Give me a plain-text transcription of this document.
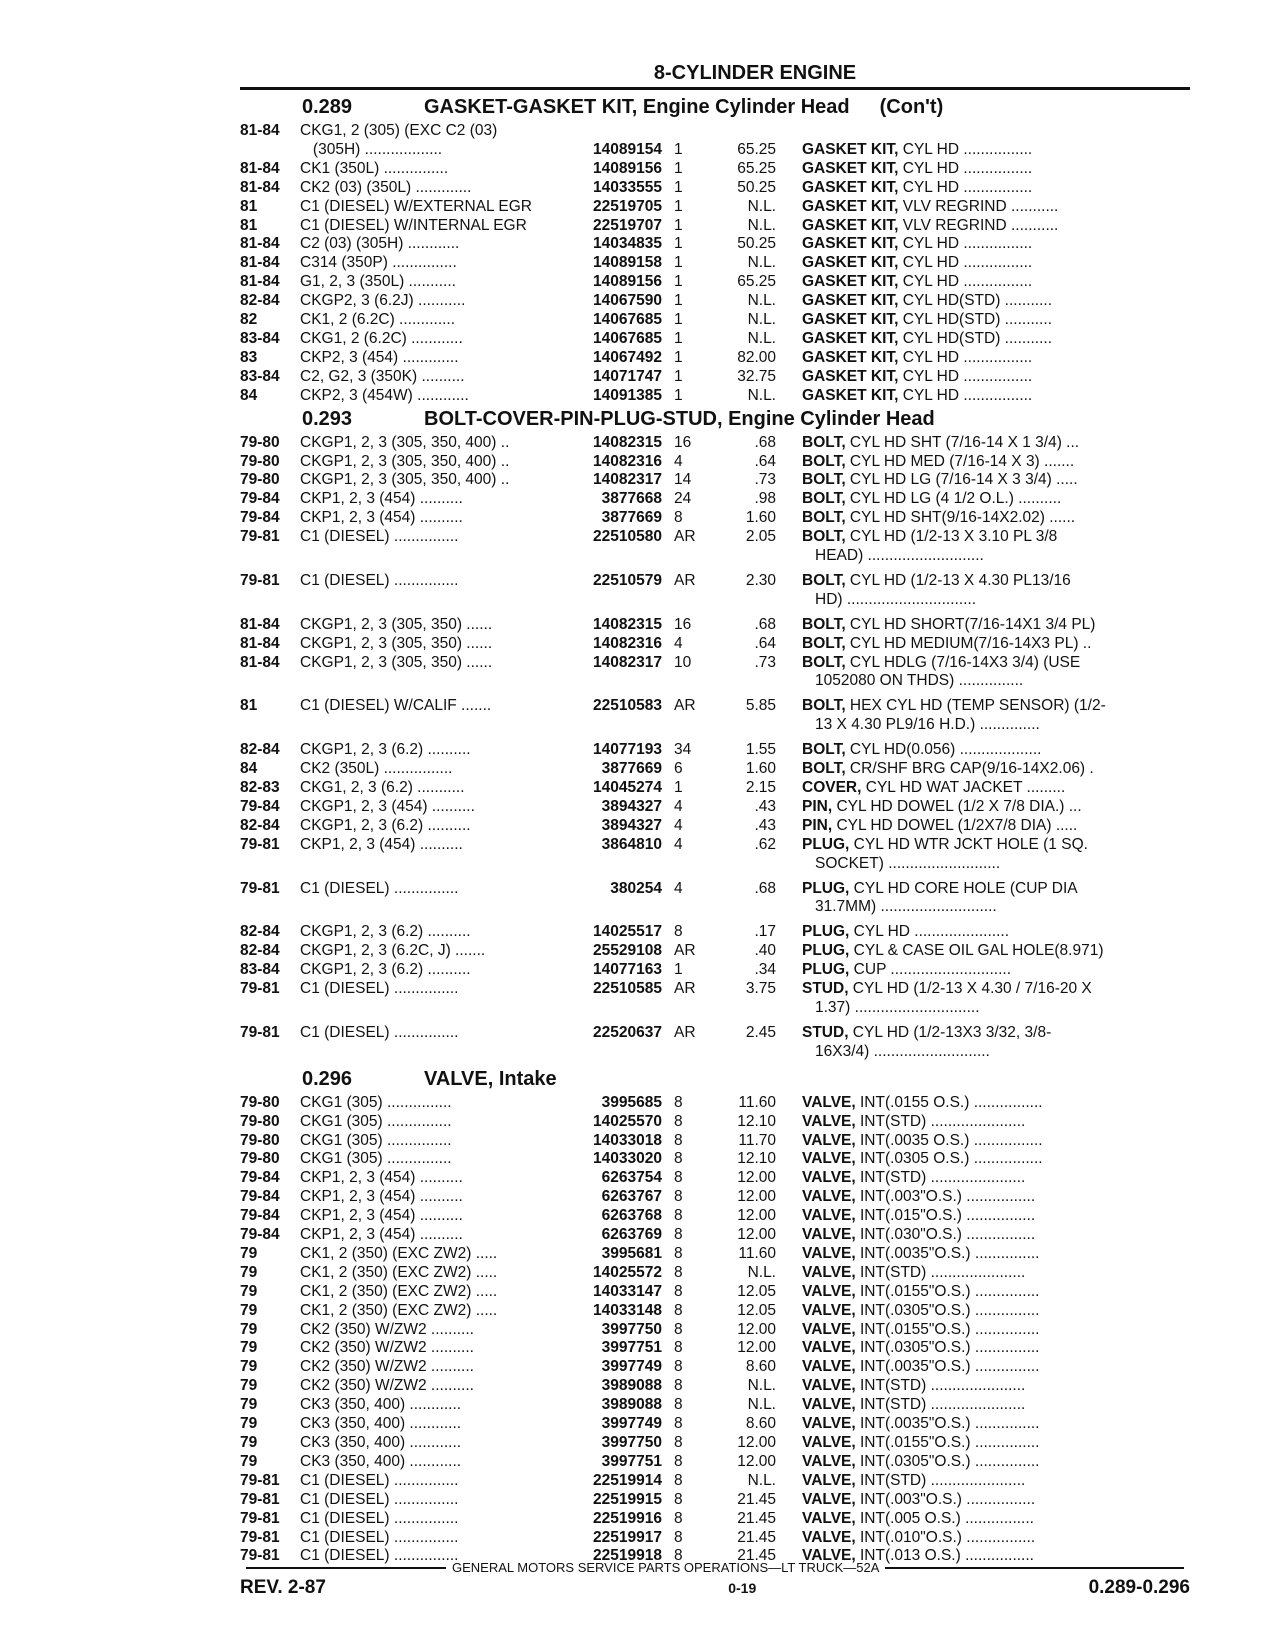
8-CYLINDER ENGINE
0.289	GASKET-GASKET KIT, Engine Cylinder Head (Con't)
81-84	CKG1, 2 (305) (EXC C2 (03)
(305H) ..................	14089154 1	65.25	GASKET KIT, CYL HD ................
81-84	CK1 (350L) ...............	14089156 1	65.25	GASKET KIT, CYL HD ................
81-84	CK2 (03) (350L) .............	14033555 1	50.25	GASKET KIT, CYL HD ................
81	C1 (DIESEL) W/EXTERNAL EGR	22519705 1	N.L.	GASKET KIT, VLV REGRIND ...........
81	C1 (DIESEL) W/INTERNAL EGR	22519707 1	N.L.	GASKET KIT, VLV REGRIND ...........
81-84	C2 (03) (305H) ............	14034835 1	50.25	GASKET KIT, CYL HD ................
81-84	C314 (350P) ...............	14089158 1	N.L.	GASKET KIT, CYL HD ................
81-84	G1, 2, 3 (350L) ...........	14089156 1	65.25	GASKET KIT, CYL HD ................
82-84	CKGP2, 3 (6.2J) ...........	14067590 1	N.L.	GASKET KIT, CYL HD(STD) ...........
82	CK1, 2 (6.2C) .............	14067685 1	N.L.	GASKET KIT, CYL HD(STD) ...........
83-84	CKG1, 2 (6.2C) ............	14067685 1	N.L.	GASKET KIT, CYL HD(STD) ...........
83	CKP2, 3 (454) .............	14067492 1	82.00	GASKET KIT, CYL HD ................
83-84	C2, G2, 3 (350K) ..........	14071747 1	32.75	GASKET KIT, CYL HD ................
84	CKP2, 3 (454W) ............	14091385 1	N.L.	GASKET KIT, CYL HD ................
0.293	BOLT-COVER-PIN-PLUG-STUD, Engine Cylinder Head
79-80	CKGP1, 2, 3 (305, 350, 400) ..	14082315 16	.68	BOLT, CYL HD SHT (7/16-14 X 1 3/4) ...
79-80	CKGP1, 2, 3 (305, 350, 400) ..	14082316 4	.64	BOLT, CYL HD MED (7/16-14 X 3) .......
79-80	CKGP1, 2, 3 (305, 350, 400) ..	14082317 14	.73	BOLT, CYL HD LG (7/16-14 X 3 3/4) .....
79-84	CKP1, 2, 3 (454) ..........	3877668 24	.98	BOLT, CYL HD LG (4 1/2 O.L.) ..........
79-84	CKP1, 2, 3 (454) ..........	3877669 8	1.60	BOLT, CYL HD SHT(9/16-14X2.02) ......
79-81	C1 (DIESEL) ...............	22510580 AR	2.05	BOLT, CYL HD (1/2-13 X 3.10 PL 3/8
HEAD) ...........................
79-81	C1 (DIESEL) ...............	22510579 AR	2.30	BOLT, CYL HD (1/2-13 X 4.30 PL13/16
HD) ..............................
81-84	CKGP1, 2, 3 (305, 350) ......	14082315 16	.68	BOLT, CYL HD SHORT(7/16-14X1 3/4 PL)
81-84	CKGP1, 2, 3 (305, 350) ......	14082316 4	.64	BOLT, CYL HD MEDIUM(7/16-14X3 PL) ..
81-84	CKGP1, 2, 3 (305, 350) ......	14082317 10	.73	BOLT, CYL HDLG (7/16-14X3 3/4) (USE
1052080 ON THDS) ...............
81	C1 (DIESEL) W/CALIF .......	22510583 AR	5.85	BOLT, HEX CYL HD (TEMP SENSOR) (1/2-
13 X 4.30 PL9/16 H.D.) ..............
82-84	CKGP1, 2, 3 (6.2) ..........	14077193 34	1.55	BOLT, CYL HD(0.056) ...................
84	CK2 (350L) ................	3877669 6	1.60	BOLT, CR/SHF BRG CAP(9/16-14X2.06) .
82-83	CKG1, 2, 3 (6.2) ...........	14045274 1	2.15	COVER, CYL HD WAT JACKET .........
79-84	CKGP1, 2, 3 (454) ..........	3894327 4	.43	PIN, CYL HD DOWEL (1/2 X 7/8 DIA.) ...
82-84	CKGP1, 2, 3 (6.2) ..........	3894327 4	.43	PIN, CYL HD DOWEL (1/2X7/8 DIA) .....
79-81	CKP1, 2, 3 (454) ..........	3864810 4	.62	PLUG, CYL HD WTR JCKT HOLE (1 SQ.
SOCKET) ..........................
79-81	C1 (DIESEL) ...............	380254 4	.68	PLUG, CYL HD CORE HOLE (CUP DIA
31.7MM) ...........................
82-84	CKGP1, 2, 3 (6.2) ..........	14025517 8	.17	PLUG, CYL HD ......................
82-84	CKGP1, 2, 3 (6.2C, J) .......	25529108 AR	.40	PLUG, CYL & CASE OIL GAL HOLE(8.971)
83-84	CKGP1, 2, 3 (6.2) ..........	14077163 1	.34	PLUG, CUP ............................
79-81	C1 (DIESEL) ...............	22510585 AR	3.75	STUD, CYL HD (1/2-13 X 4.30 / 7/16-20 X
1.37) .............................
79-81	C1 (DIESEL) ...............	22520637 AR	2.45	STUD, CYL HD (1/2-13X3 3/32, 3/8-
16X3/4) ...........................
0.296	VALVE, Intake
79-80	CKG1 (305) ...............	3995685 8	11.60	VALVE, INT(.0155 O.S.) ................
79-80	CKG1 (305) ...............	14025570 8	12.10	VALVE, INT(STD) ......................
79-80	CKG1 (305) ...............	14033018 8	11.70	VALVE, INT(.0035 O.S.) ................
79-80	CKG1 (305) ...............	14033020 8	12.10	VALVE, INT(.0305 O.S.) ................
79-84	CKP1, 2, 3 (454) ..........	6263754 8	12.00	VALVE, INT(STD) ......................
79-84	CKP1, 2, 3 (454) ..........	6263767 8	12.00	VALVE, INT(.003"O.S.) ................
79-84	CKP1, 2, 3 (454) ..........	6263768 8	12.00	VALVE, INT(.015"O.S.) ................
79-84	CKP1, 2, 3 (454) ..........	6263769 8	12.00	VALVE, INT(.030"O.S.) ................
79	CK1, 2 (350) (EXC ZW2) .....	3995681 8	11.60	VALVE, INT(.0035"O.S.) ...............
79	CK1, 2 (350) (EXC ZW2) .....	14025572 8	N.L.	VALVE, INT(STD) ......................
79	CK1, 2 (350) (EXC ZW2) .....	14033147 8	12.05	VALVE, INT(.0155"O.S.) ...............
79	CK1, 2 (350) (EXC ZW2) .....	14033148 8	12.05	VALVE, INT(.0305"O.S.) ...............
79	CK2 (350) W/ZW2 ..........	3997750 8	12.00	VALVE, INT(.0155"O.S.) ...............
79	CK2 (350) W/ZW2 ..........	3997751 8	12.00	VALVE, INT(.0305"O.S.) ...............
79	CK2 (350) W/ZW2 ..........	3997749 8	8.60	VALVE, INT(.0035"O.S.) ...............
79	CK2 (350) W/ZW2 ..........	3989088 8	N.L.	VALVE, INT(STD) ......................
79	CK3 (350, 400) ............	3989088 8	N.L.	VALVE, INT(STD) ......................
79	CK3 (350, 400) ............	3997749 8	8.60	VALVE, INT(.0035"O.S.) ...............
79	CK3 (350, 400) ............	3997750 8	12.00	VALVE, INT(.0155"O.S.) ...............
79	CK3 (350, 400) ............	3997751 8	12.00	VALVE, INT(.0305"O.S.) ...............
79-81	C1 (DIESEL) ...............	22519914 8	N.L.	VALVE, INT(STD) ......................
79-81	C1 (DIESEL) ...............	22519915 8	21.45	VALVE, INT(.003"O.S.) ................
79-81	C1 (DIESEL) ...............	22519916 8	21.45	VALVE, INT(.005 O.S.) ................
79-81	C1 (DIESEL) ...............	22519917 8	21.45	VALVE, INT(.010"O.S.) ................
79-81	C1 (DIESEL) ...............	22519918 8	21.45	VALVE, INT(.013 O.S.) ................
GENERAL MOTORS SERVICE PARTS OPERATIONS—LT TRUCK—52A
REV. 2-87	0-19	0.289-0.296
